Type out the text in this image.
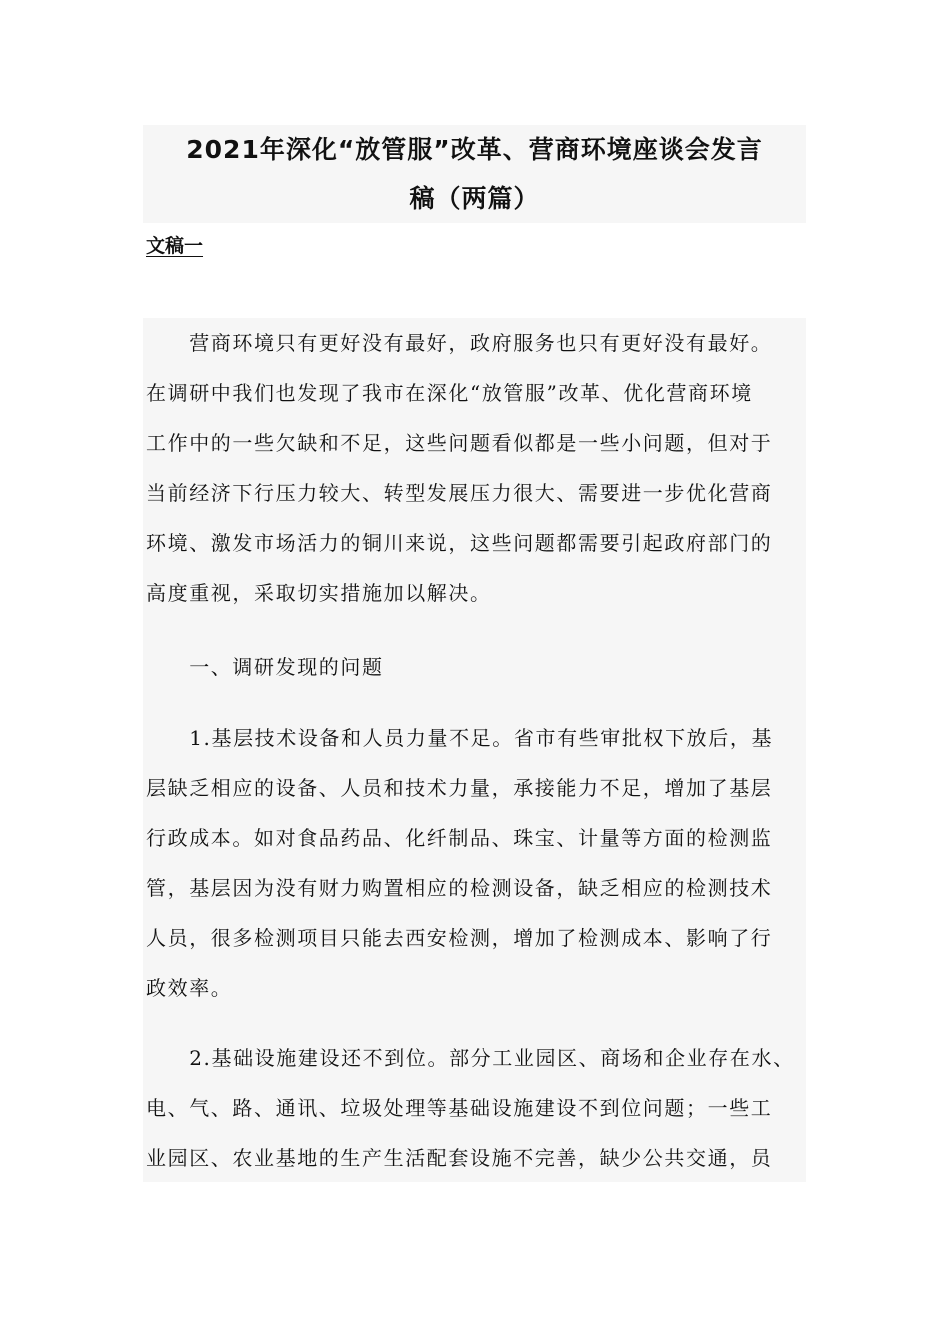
2021年深化“放管服”改革、营商环境座谈会发言
稿（两篇）
文稿一

　　营商环境只有更好没有最好，政府服务也只有更好没有最好。
在调研中我们也发现了我市在深化“放管服”改革、优化营商环境
工作中的一些欠缺和不足，这些问题看似都是一些小问题，但对于
当前经济下行压力较大、转型发展压力很大、需要进一步优化营商
环境、激发市场活力的铜川来说，这些问题都需要引起政府部门的
高度重视，采取切实措施加以解决。

　　一、调研发现的问题

　　1.基层技术设备和人员力量不足。省市有些审批权下放后，基
层缺乏相应的设备、人员和技术力量，承接能力不足，增加了基层
行政成本。如对食品药品、化纤制品、珠宝、计量等方面的检测监
管，基层因为没有财力购置相应的检测设备，缺乏相应的检测技术
人员，很多检测项目只能去西安检测，增加了检测成本、影响了行
政效率。

　　2.基础设施建设还不到位。部分工业园区、商场和企业存在水、
电、气、路、通讯、垃圾处理等基础设施建设不到位问题；一些工
业园区、农业基地的生产生活配套设施不完善，缺少公共交通，员
